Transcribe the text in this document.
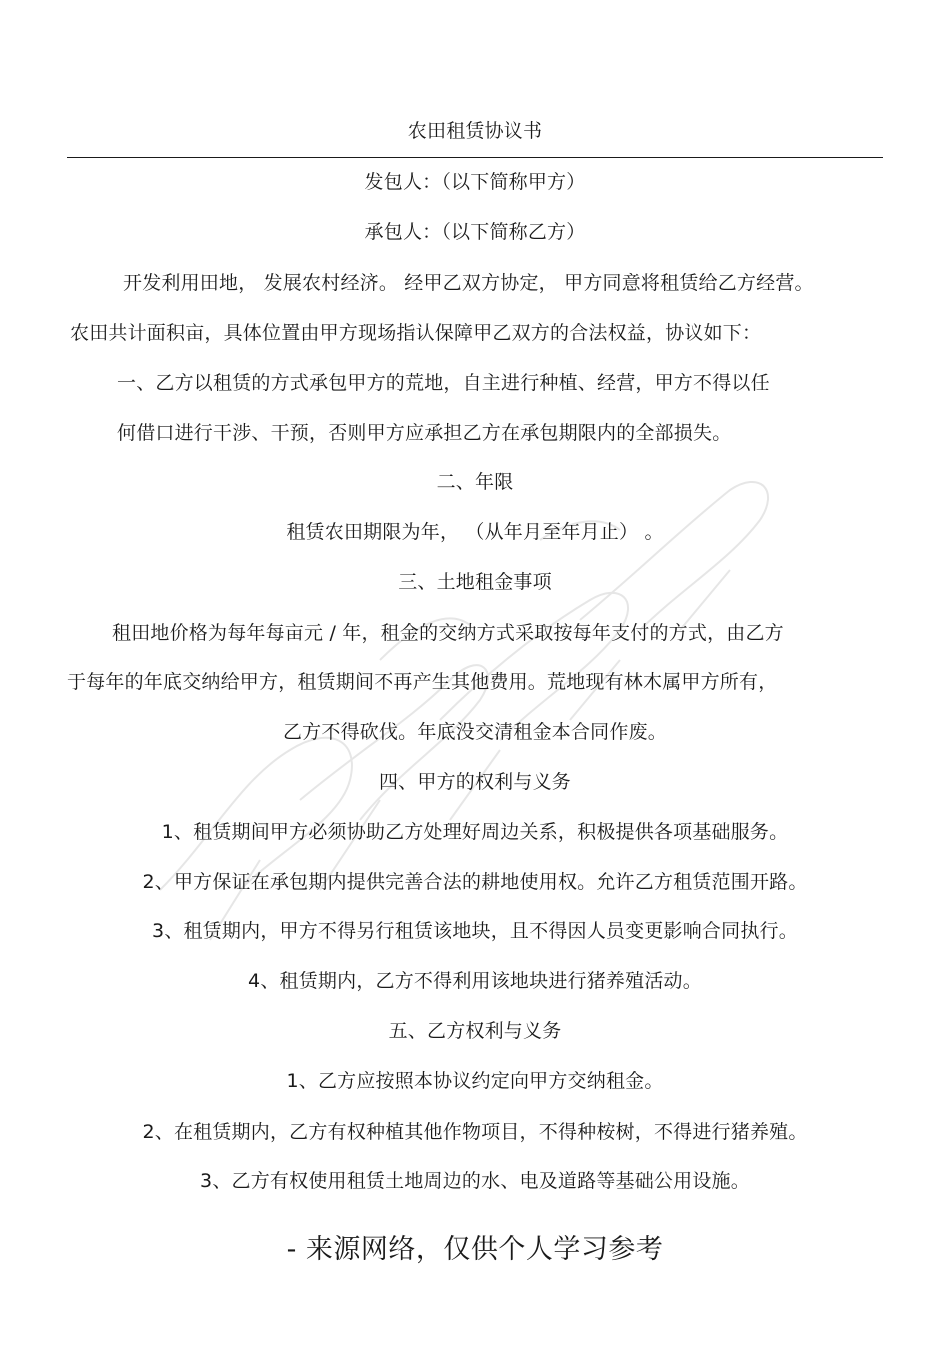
农田租赁协议书
发包人：（以下简称甲方）
承包人：（以下简称乙方）
开发利用田地， 发展农村经济。 经甲乙双方协定， 甲方同意将租赁给乙方经营。
农田共计面积亩，具体位置由甲方现场指认保障甲乙双方的合法权益，协议如下：
一、乙方以租赁的方式承包甲方的荒地，自主进行种植、经营，甲方不得以任
何借口进行干涉、干预，否则甲方应承担乙方在承包期限内的全部损失。
二、年限
租赁农田期限为年， （从年月至年月止） 。
三、土地租金事项
租田地价格为每年每亩元 / 年，租金的交纳方式采取按每年支付的方式，由乙方
于每年的年底交纳给甲方，租赁期间不再产生其他费用。荒地现有林木属甲方所有，
乙方不得砍伐。年底没交清租金本合同作废。
四、甲方的权利与义务
1、租赁期间甲方必须协助乙方处理好周边关系，积极提供各项基础服务。
2、甲方保证在承包期内提供完善合法的耕地使用权。允许乙方租赁范围开路。
3、租赁期内，甲方不得另行租赁该地块，且不得因人员变更影响合同执行。
4、租赁期内，乙方不得利用该地块进行猪养殖活动。
五、乙方权利与义务
1、乙方应按照本协议约定向甲方交纳租金。
2、在租赁期内，乙方有权种植其他作物项目，不得种桉树，不得进行猪养殖。
3、乙方有权使用租赁土地周边的水、电及道路等基础公用设施。
- 来源网络，仅供个人学习参考
